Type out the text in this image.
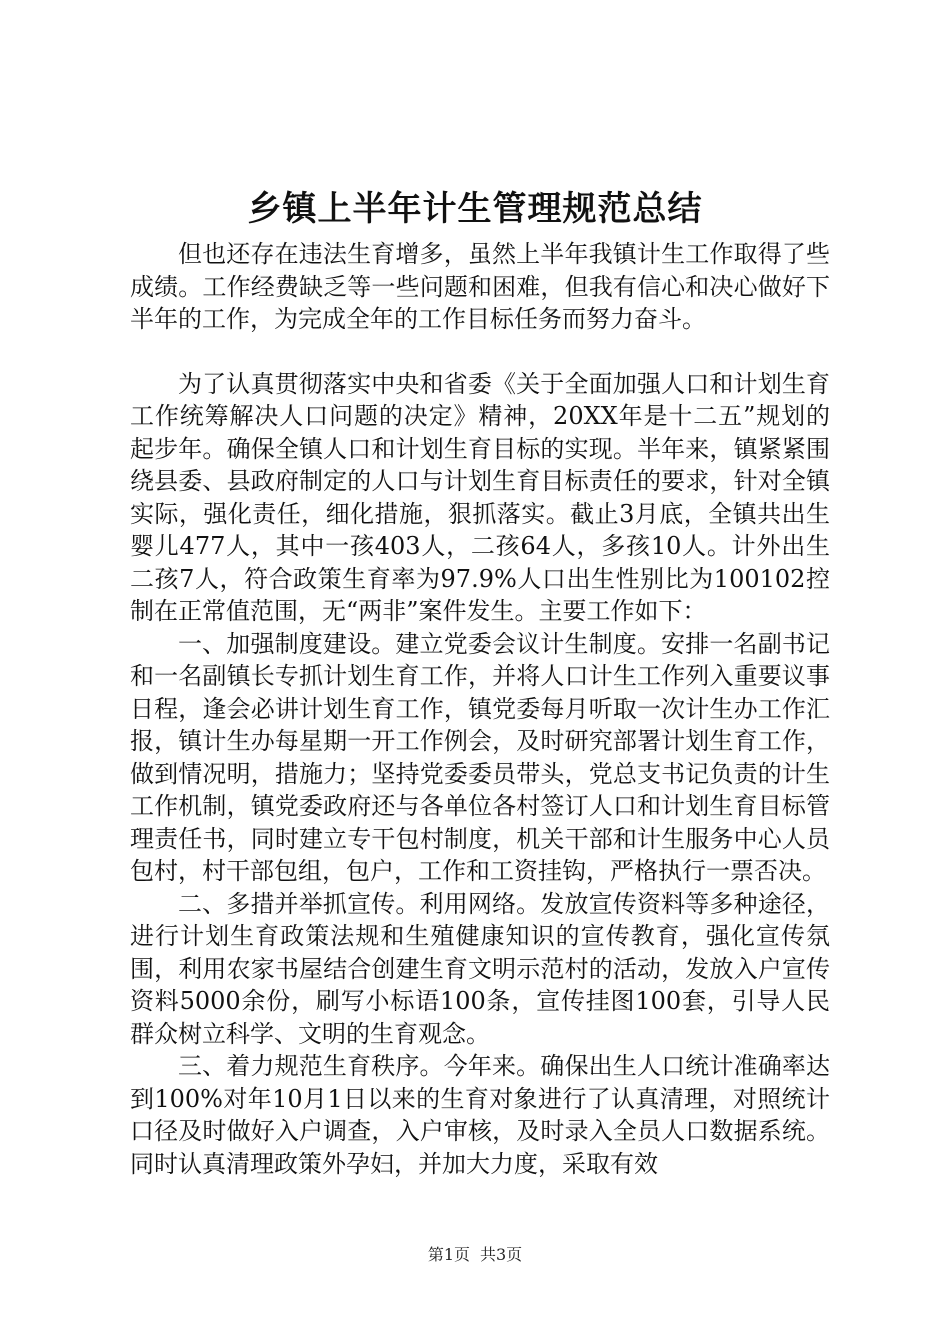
乡镇上半年计生管理规范总结

但也还存在违法生育增多，虽然上半年我镇计生工作取得了些成绩。工作经费缺乏等一些问题和困难，但我有信心和决心做好下半年的工作，为完成全年的工作目标任务而努力奋斗。

为了认真贯彻落实中央和省委《关于全面加强人口和计划生育工作统筹解决人口问题的决定》精神，20XX年是十二五”规划的起步年。确保全镇人口和计划生育目标的实现。半年来，镇紧紧围绕县委、县政府制定的人口与计划生育目标责任的要求，针对全镇实际，强化责任，细化措施，狠抓落实。截止3月底，全镇共出生婴儿477人，其中一孩403人，二孩64人，多孩10人。计外出生二孩7人，符合政策生育率为97.9%人口出生性别比为100102控制在正常值范围，无“两非”案件发生。主要工作如下：

一、加强制度建设。建立党委会议计生制度。安排一名副书记和一名副镇长专抓计划生育工作，并将人口计生工作列入重要议事日程，逢会必讲计划生育工作，镇党委每月听取一次计生办工作汇报，镇计生办每星期一开工作例会，及时研究部署计划生育工作，做到情况明，措施力；坚持党委委员带头，党总支书记负责的计生工作机制，镇党委政府还与各单位各村签订人口和计划生育目标管理责任书，同时建立专干包村制度，机关干部和计生服务中心人员包村，村干部包组，包户，工作和工资挂钩，严格执行一票否决。

二、多措并举抓宣传。利用网络。发放宣传资料等多种途径，进行计划生育政策法规和生殖健康知识的宣传教育，强化宣传氛围，利用农家书屋结合创建生育文明示范村的活动，发放入户宣传资料5000余份，刷写小标语100条，宣传挂图100套，引导人民群众树立科学、文明的生育观念。

三、着力规范生育秩序。今年来。确保出生人口统计准确率达到100%对年10月1日以来的生育对象进行了认真清理，对照统计口径及时做好入户调查，入户审核，及时录入全员人口数据系统。同时认真清理政策外孕妇，并加大力度，采取有效

第1页 共3页
